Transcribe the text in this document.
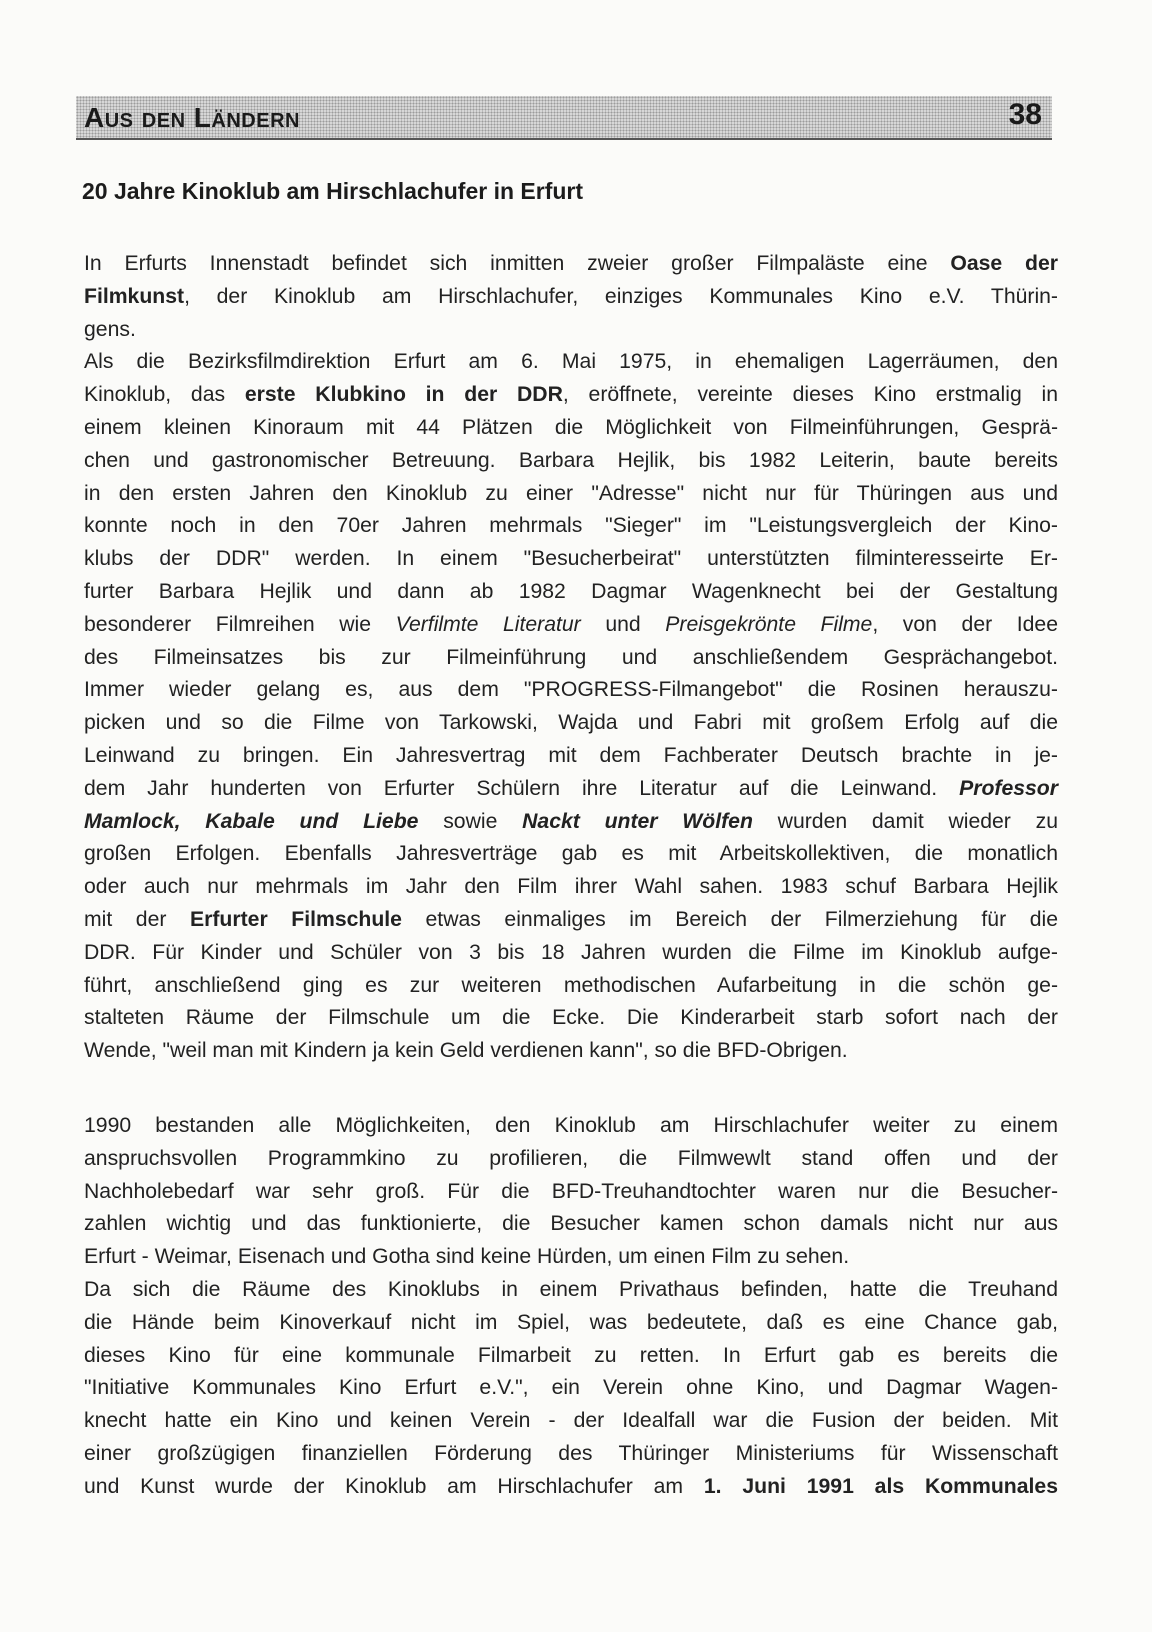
Aus den Ländern	38
20 Jahre Kinoklub am Hirschlachufer in Erfurt
In Erfurts Innenstadt befindet sich inmitten zweier großer Filmpaläste eine Oase der
Filmkunst, der Kinoklub am Hirschlachufer, einziges Kommunales Kino e.V. Thürin-
gens.
Als die Bezirksfilmdirektion Erfurt am 6. Mai 1975, in ehemaligen Lagerräumen, den
Kinoklub, das erste Klubkino in der DDR, eröffnete, vereinte dieses Kino erstmalig in
einem kleinen Kinoraum mit 44 Plätzen die Möglichkeit von Filmeinführungen, Gesprä-
chen und gastronomischer Betreuung. Barbara Hejlik, bis 1982 Leiterin, baute bereits
in den ersten Jahren den Kinoklub zu einer "Adresse" nicht nur für Thüringen aus und
konnte noch in den 70er Jahren mehrmals "Sieger" im "Leistungsvergleich der Kino-
klubs der DDR" werden. In einem "Besucherbeirat" unterstützten filminteresseirte Er-
furter Barbara Hejlik und dann ab 1982 Dagmar Wagenknecht bei der Gestaltung
besonderer Filmreihen wie Verfilmte Literatur und Preisgekrönte Filme, von der Idee
des Filmeinsatzes bis zur Filmeinführung und anschließendem Gesprächangebot.
Immer wieder gelang es, aus dem "PROGRESS-Filmangebot" die Rosinen herauszu-
picken und so die Filme von Tarkowski, Wajda und Fabri mit großem Erfolg auf die
Leinwand zu bringen. Ein Jahresvertrag mit dem Fachberater Deutsch brachte in je-
dem Jahr hunderten von Erfurter Schülern ihre Literatur auf die Leinwand. Professor
Mamlock, Kabale und Liebe sowie Nackt unter Wölfen wurden damit wieder zu
großen Erfolgen. Ebenfalls Jahresverträge gab es mit Arbeitskollektiven, die monatlich
oder auch nur mehrmals im Jahr den Film ihrer Wahl sahen. 1983 schuf Barbara Hejlik
mit der Erfurter Filmschule etwas einmaliges im Bereich der Filmerziehung für die
DDR. Für Kinder und Schüler von 3 bis 18 Jahren wurden die Filme im Kinoklub aufge-
führt, anschließend ging es zur weiteren methodischen Aufarbeitung in die schön ge-
stalteten Räume der Filmschule um die Ecke. Die Kinderarbeit starb sofort nach der
Wende, "weil man mit Kindern ja kein Geld verdienen kann", so die BFD-Obrigen.
1990 bestanden alle Möglichkeiten, den Kinoklub am Hirschlachufer weiter zu einem
anspruchsvollen Programmkino zu profilieren, die Filmwewlt stand offen und der
Nachholebedarf war sehr groß. Für die BFD-Treuhandtochter waren nur die Besucher-
zahlen wichtig und das funktionierte, die Besucher kamen schon damals nicht nur aus
Erfurt - Weimar, Eisenach und Gotha sind keine Hürden, um einen Film zu sehen.
Da sich die Räume des Kinoklubs in einem Privathaus befinden, hatte die Treuhand
die Hände beim Kinoverkauf nicht im Spiel, was bedeutete, daß es eine Chance gab,
dieses Kino für eine kommunale Filmarbeit zu retten. In Erfurt gab es bereits die
"Initiative Kommunales Kino Erfurt e.V.", ein Verein ohne Kino, und Dagmar Wagen-
knecht hatte ein Kino und keinen Verein - der Idealfall war die Fusion der beiden. Mit
einer großzügigen finanziellen Förderung des Thüringer Ministeriums für Wissenschaft
und Kunst wurde der Kinoklub am Hirschlachufer am 1. Juni 1991 als Kommunales
